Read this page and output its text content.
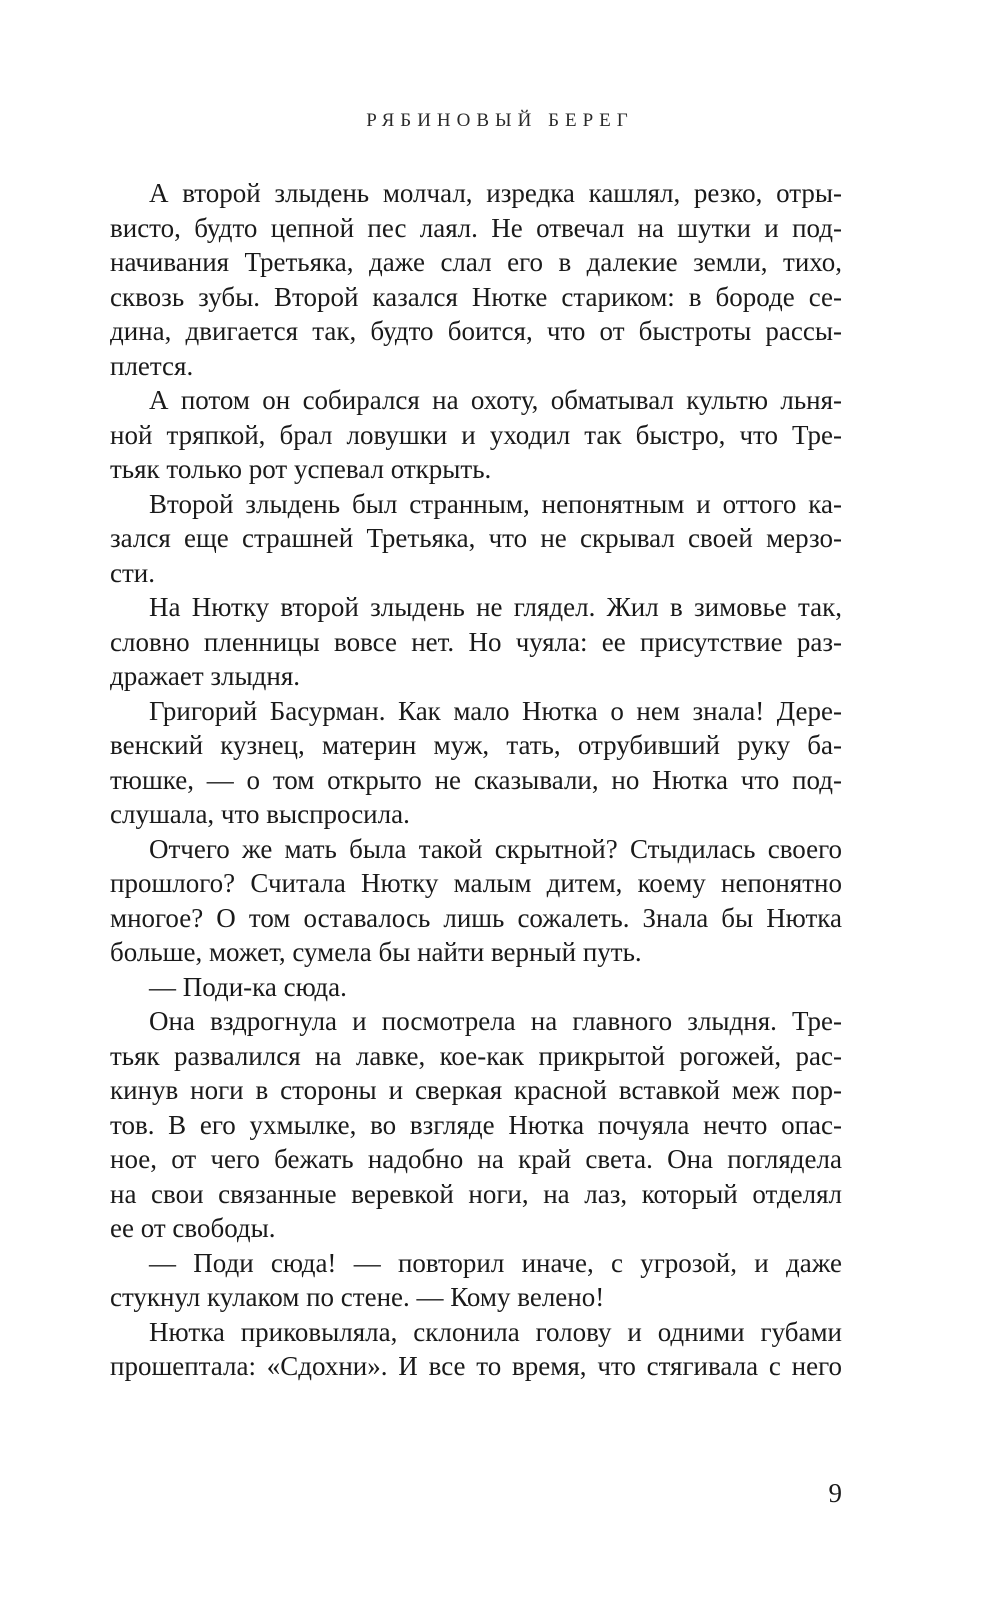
РЯБИНОВЫЙ БЕРЕГ
А второй злыдень молчал, изредка кашлял, резко, отры-
висто, будто цепной пес лаял. Не отвечал на шутки и под-
начивания Третьяка, даже слал его в далекие земли, тихо,
сквозь зубы. Второй казался Нютке стариком: в бороде се-
дина, двигается так, будто боится, что от быстроты рассы-
плется.
А потом он собирался на охоту, обматывал культю льня-
ной тряпкой, брал ловушки и уходил так быстро, что Тре-
тьяк только рот успевал открыть.
Второй злыдень был странным, непонятным и оттого ка-
зался еще страшней Третьяка, что не скрывал своей мерзо-
сти.
На Нютку второй злыдень не глядел. Жил в зимовье так,
словно пленницы вовсе нет. Но чуяла: ее присутствие раз-
дражает злыдня.
Григорий Басурман. Как мало Нютка о нем знала! Дере-
венский кузнец, материн муж, тать, отрубивший руку ба-
тюшке, — о том открыто не сказывали, но Нютка что под-
слушала, что выспросила.
Отчего же мать была такой скрытной? Стыдилась своего
прошлого? Считала Нютку малым дитем, коему непонятно
многое? О том оставалось лишь сожалеть. Знала бы Нютка
больше, может, сумела бы найти верный путь.
— Поди-ка сюда.
Она вздрогнула и посмотрела на главного злыдня. Тре-
тьяк развалился на лавке, кое-как прикрытой рогожей, рас-
кинув ноги в стороны и сверкая красной вставкой меж пор-
тов. В его ухмылке, во взгляде Нютка почуяла нечто опас-
ное, от чего бежать надобно на край света. Она поглядела
на свои связанные веревкой ноги, на лаз, который отделял
ее от свободы.
— Поди сюда! — повторил иначе, с угрозой, и даже
стукнул кулаком по стене. — Кому велено!
Нютка приковыляла, склонила голову и одними губами
прошептала: «Сдохни». И все то время, что стягивала с него
9
